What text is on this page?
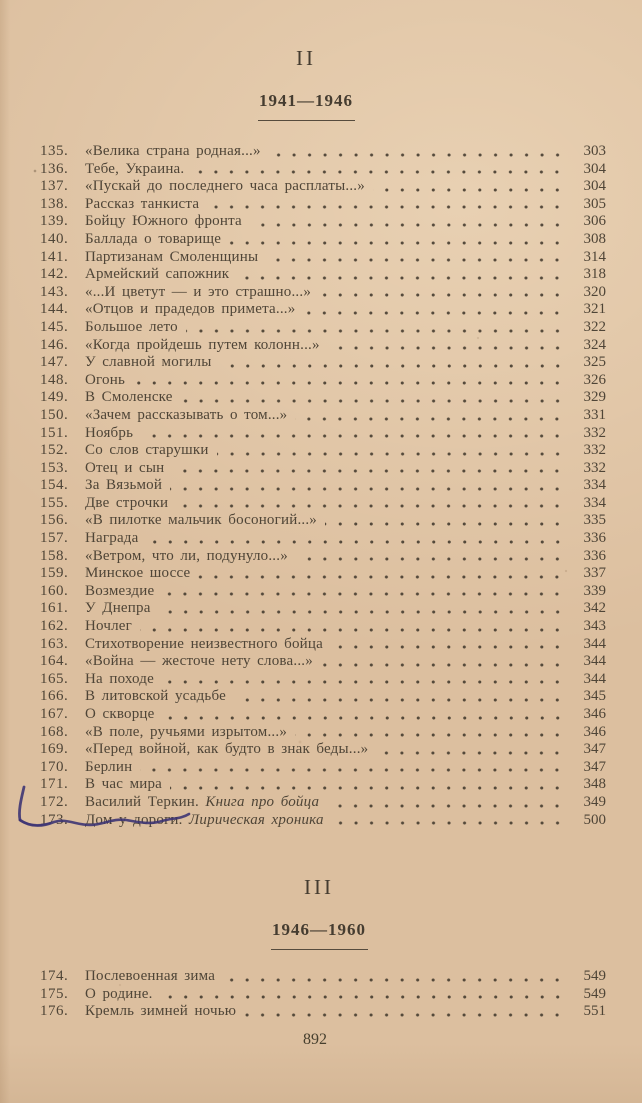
II
1941—1946
135.	«Велика страна родная...»	303
136.	Тебе, Украина.	304
137.	«Пускай до последнего часа расплаты...»	304
138.	Рассказ танкиста	305
139.	Бойцу Южного фронта	306
140.	Баллада о товарище	308
141.	Партизанам Смоленщины	314
142.	Армейский сапожник	318
143.	«...И цветут — и это страшно...»	320
144.	«Отцов и прадедов примета...»	321
145.	Большое лето	322
146.	«Когда пройдешь путем колонн...»	324
147.	У славной могилы	325
148.	Огонь	326
149.	В Смоленске	329
150.	«Зачем рассказывать о том...»	331
151.	Ноябрь	332
152.	Со слов старушки	332
153.	Отец и сын	332
154.	За Вязьмой	334
155.	Две строчки	334
156.	«В пилотке мальчик босоногий...»	335
157.	Награда	336
158.	«Ветром, что ли, подунуло...»	336
159.	Минское шоссе	337
160.	Возмездие	339
161.	У Днепра	342
162.	Ночлег	343
163.	Стихотворение неизвестного бойца	344
164.	«Война — жесточе нету слова...»	344
165.	На походе	344
166.	В литовской усадьбе	345
167.	О скворце	346
168.	«В поле, ручьями изрытом...»	346
169.	«Перед войной, как будто в знак беды...»	347
170.	Берлин	347
171.	В час мира	348
172.	Василий Теркин. Книга про бойца	349
173.	Дом у дороги. Лирическая хроника	500
III
1946—1960
174.	Послевоенная зима	549
175.	О родине.	549
176.	Кремль зимней ночью	551
892
